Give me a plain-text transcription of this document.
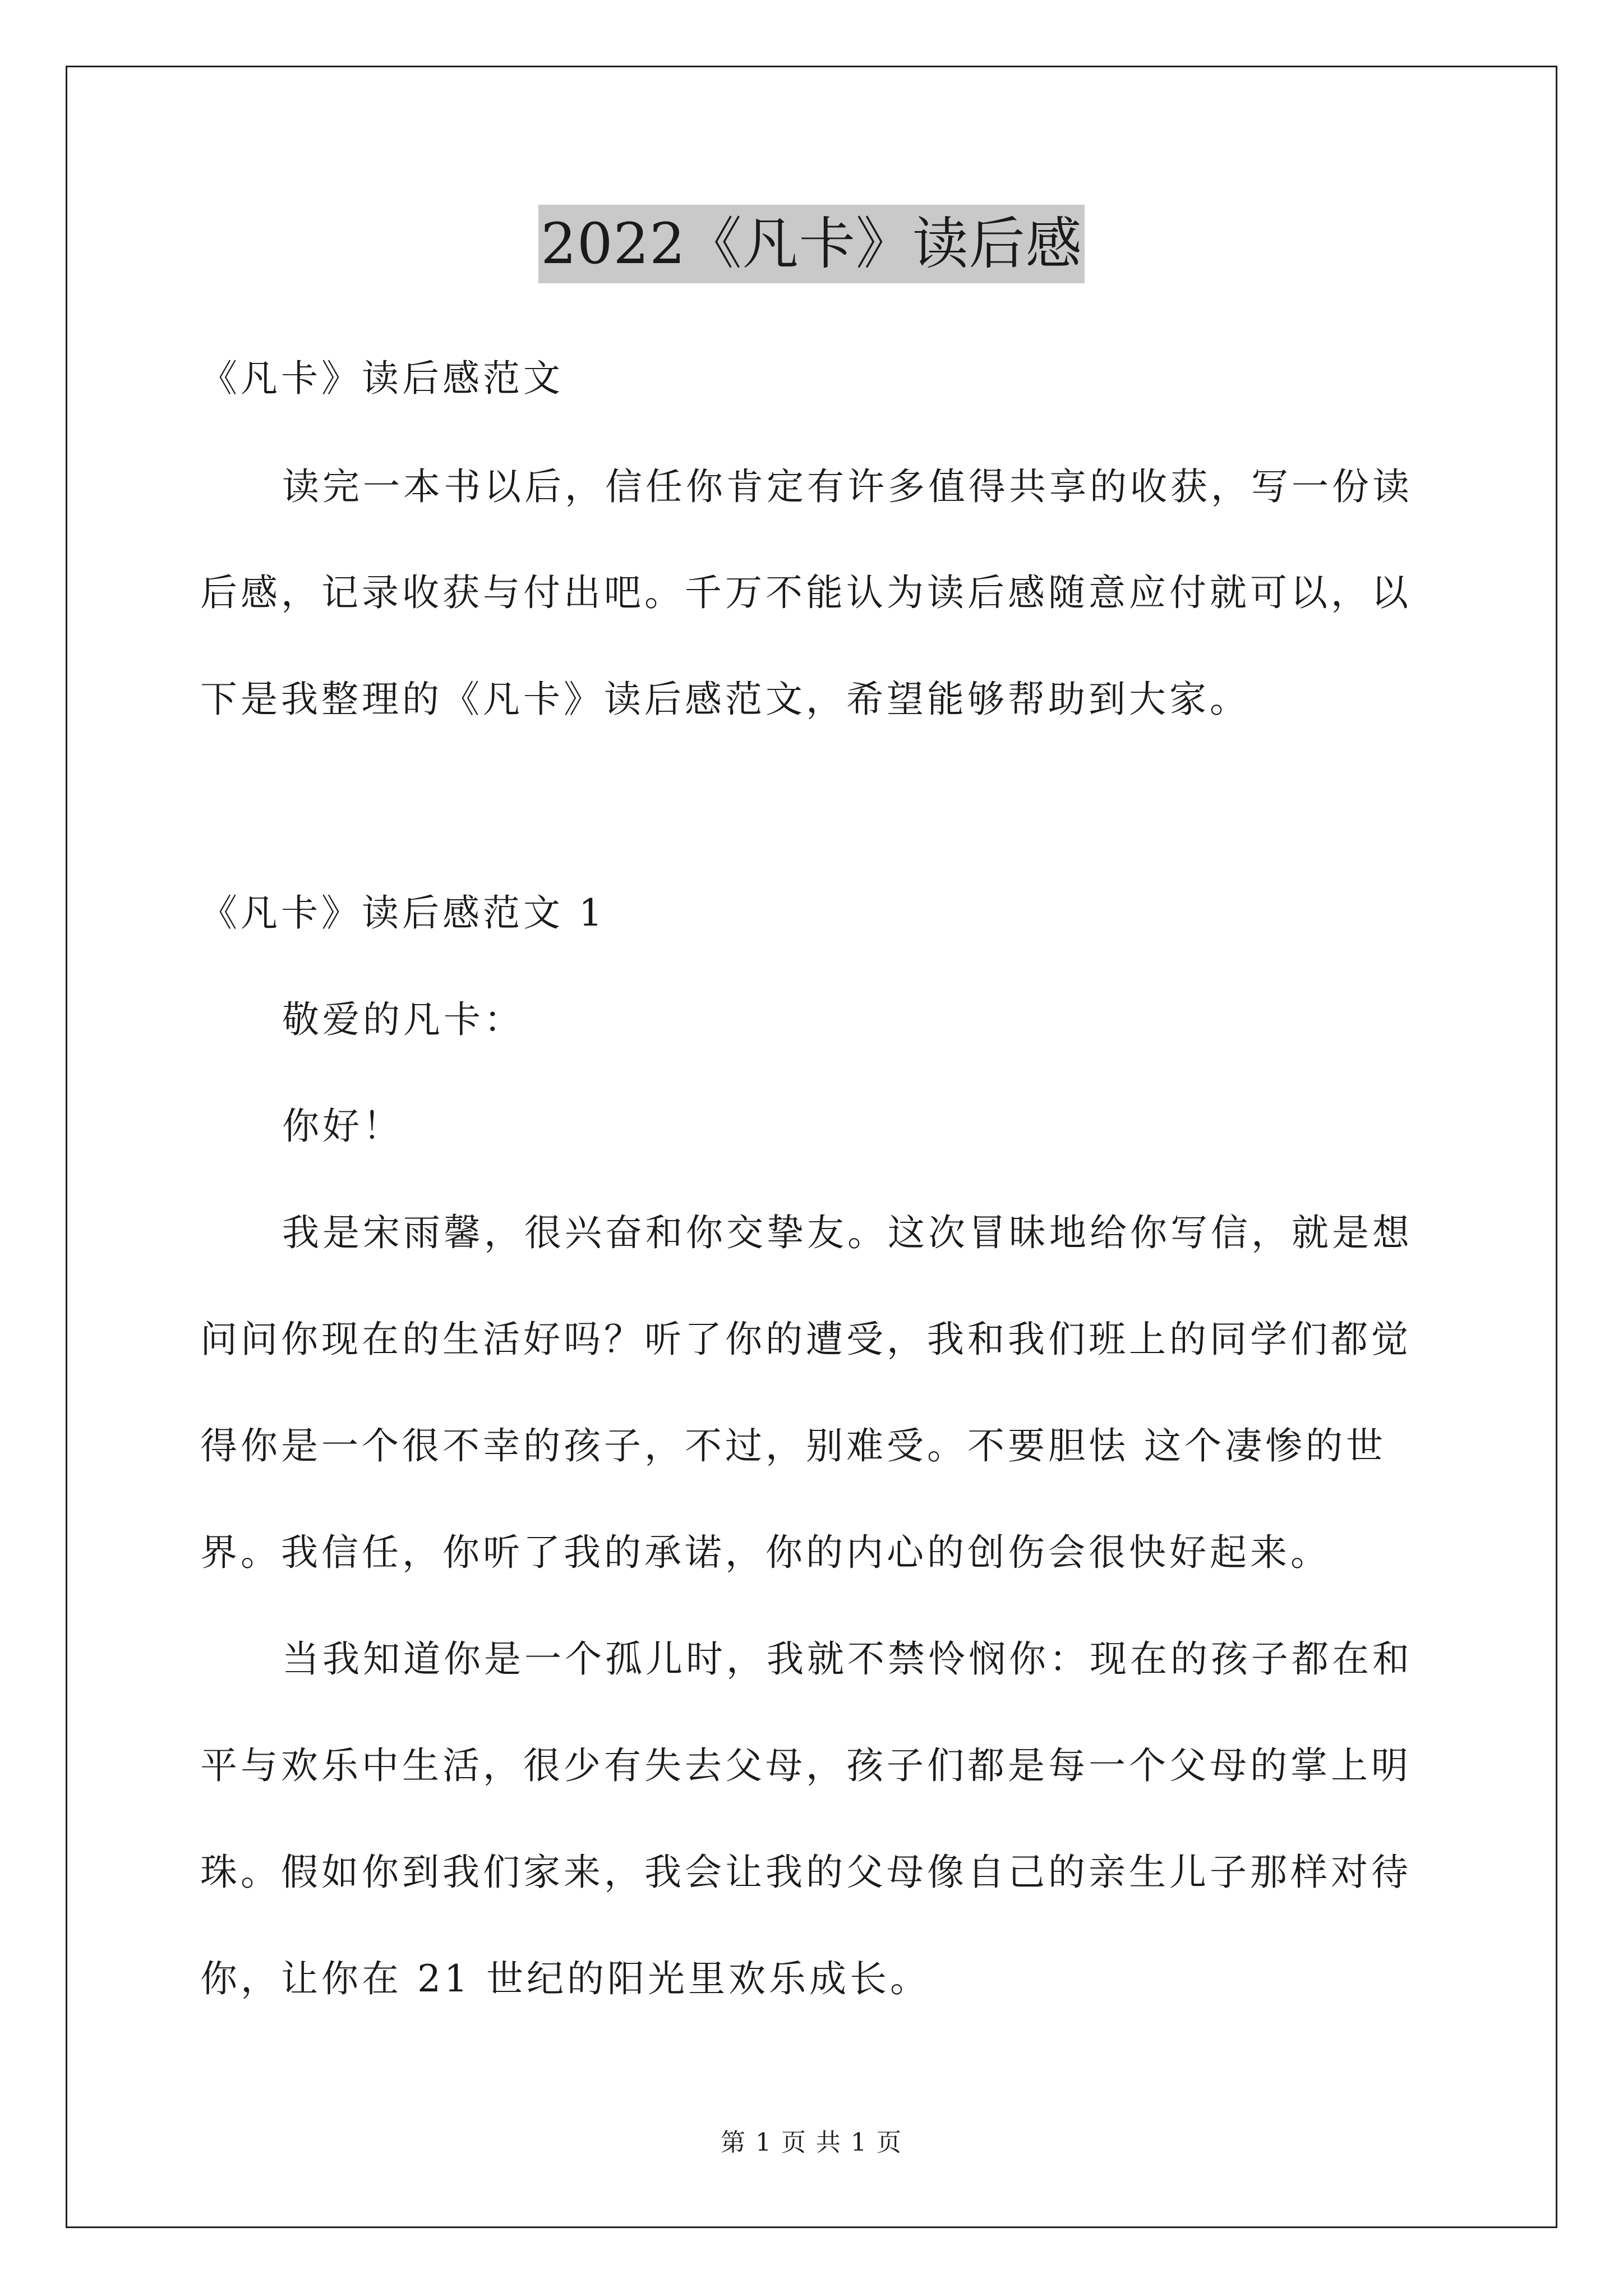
2022《凡卡》读后感
《凡卡》读后感范文
读完一本书以后，信任你肯定有许多值得共享的收获，写一份读
后感，记录收获与付出吧。千万不能认为读后感随意应付就可以，以
下是我整理的《凡卡》读后感范文，希望能够帮助到大家。
《凡卡》读后感范文 1
敬爱的凡卡：
你好！
我是宋雨馨，很兴奋和你交挚友。这次冒昧地给你写信，就是想
问问你现在的生活好吗？听了你的遭受，我和我们班上的同学们都觉
得你是一个很不幸的孩子，不过，别难受。不要胆怯 这个凄惨的世
界。我信任，你听了我的承诺，你的内心的创伤会很快好起来。
当我知道你是一个孤儿时，我就不禁怜悯你：现在的孩子都在和
平与欢乐中生活，很少有失去父母，孩子们都是每一个父母的掌上明
珠。假如你到我们家来，我会让我的父母像自己的亲生儿子那样对待
你，让你在 21 世纪的阳光里欢乐成长。
第 1 页 共 1 页
